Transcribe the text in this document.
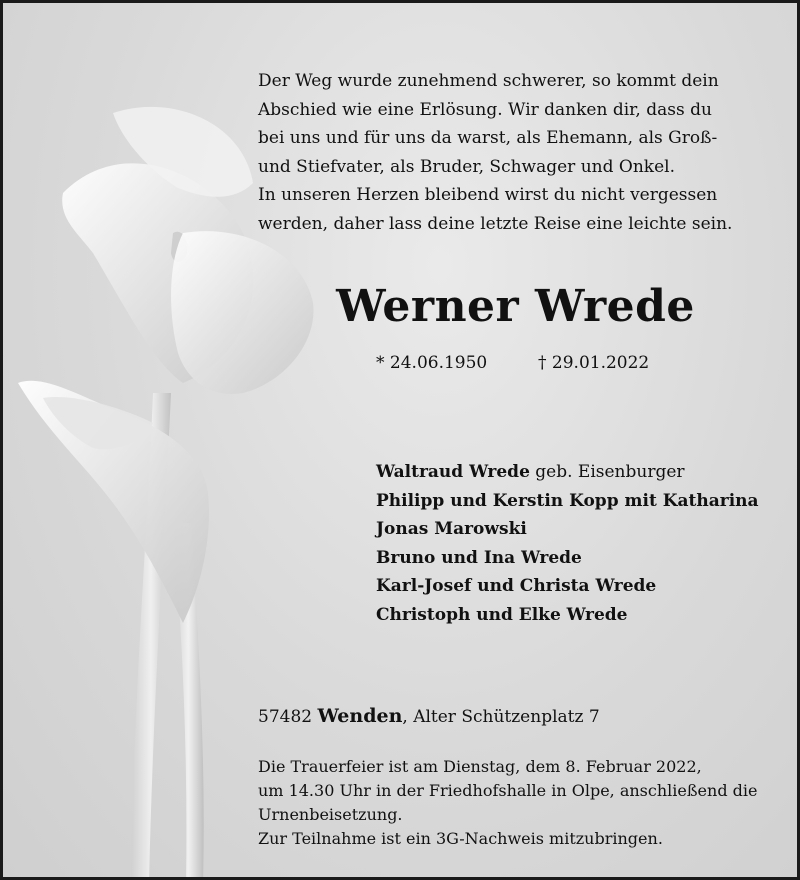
Der Weg wurde zunehmend schwerer, so kommt dein
Abschied wie eine Erlösung. Wir danken dir, dass du
bei uns und für uns da warst, als Ehemann, als Groß-
und Stiefvater, als Bruder, Schwager und Onkel.
In unseren Herzen bleibend wirst du nicht vergessen
werden, daher lass deine letzte Reise eine leichte sein.

Werner Wrede
* 24.06.1950	† 29.01.2022
Waltraud Wrede geb. Eisenburger
Philipp und Kerstin Kopp mit Katharina
Jonas Marowski
Bruno und Ina Wrede
Karl-Josef und Christa Wrede
Christoph und Elke Wrede
57482 Wenden, Alter Schützenplatz 7

Die Trauerfeier ist am Dienstag, dem 8. Februar 2022,
um 14.30 Uhr in der Friedhofshalle in Olpe, anschließend die
Urnenbeisetzung.
Zur Teilnahme ist ein 3G-Nachweis mitzubringen.
